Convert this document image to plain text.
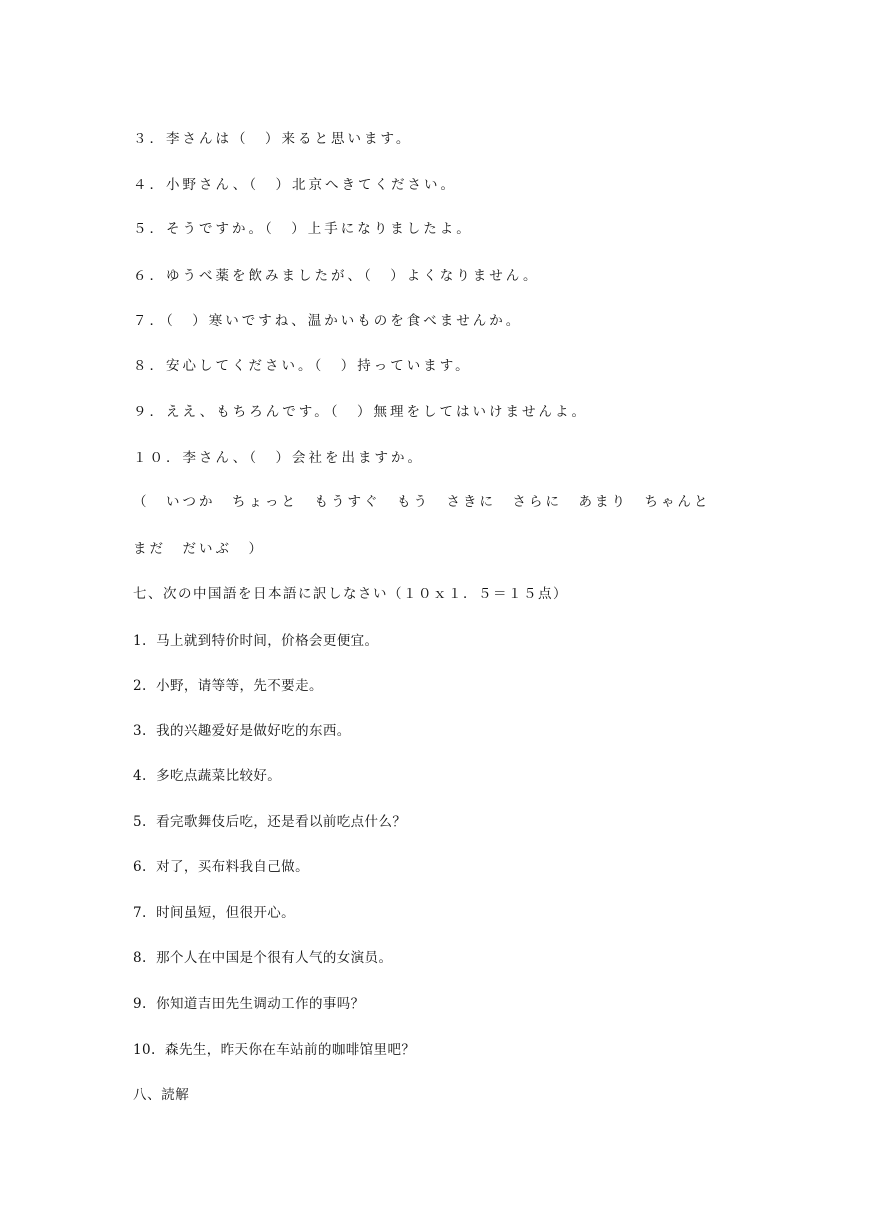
３．李さんは（　）来ると思います。
４．小野さん、（　）北京へきてください。
５．そうですか。（　）上手になりましたよ。
６．ゆうべ薬を飲みましたが、（　）よくなりません。
７．（　）寒いですね、温かいものを食べませんか。
８．安心してください。（　）持っています。
９．ええ、もちろんです。（　）無理をしてはいけませんよ。
１０．李さん、（　）会社を出ますか。
（　いつか　ちょっと　もうすぐ　もう　さきに　さらに　あまり　ちゃんと
まだ　だいぶ　）
七、次の中国語を日本語に訳しなさい（１０ｘ１．５＝１５点）
1.  马上就到特价时间，价格会更便宜。
2.  小野，请等等，先不要走。
3.  我的兴趣爱好是做好吃的东西。
4.  多吃点蔬菜比较好。
5.  看完歌舞伎后吃，还是看以前吃点什么？
6.  对了，买布料我自己做。
7.  时间虽短，但很开心。
8.  那个人在中国是个很有人气的女演员。
9.  你知道吉田先生调动工作的事吗？
10.  森先生，昨天你在车站前的咖啡馆里吧？
八、読解
